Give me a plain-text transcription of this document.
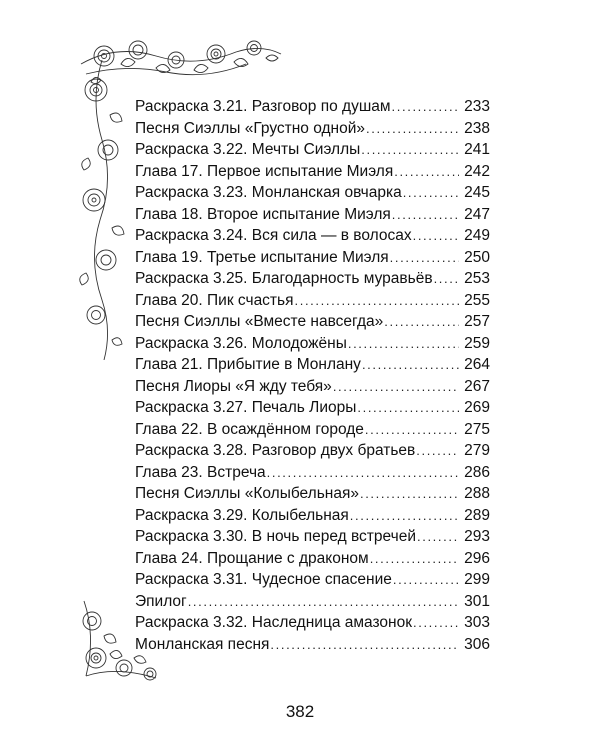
Раскраска 3.21. Разговор по душам . . .	233
Песня Сиэллы «Грустно одной» . . .	238
Раскраска 3.22. Мечты Сиэллы . . .	241
Глава 17. Первое испытание Миэля . . .	242
Раскраска 3.23. Монланская овчарка . . .	245
Глава 18. Второе испытание Миэля . . .	247
Раскраска 3.24. Вся сила — в волосах . . .	249
Глава 19. Третье испытание Миэля . . .	250
Раскраска 3.25. Благодарность муравьёв . . . 253
Глава 20. Пик счастья . . .	255
Песня Сиэллы «Вместе навсегда» . . .	257
Раскраска 3.26. Молодожёны . . .	259
Глава 21. Прибытие в Монлану . . .	264
Песня Лиоры «Я жду тебя» . . .	267
Раскраска 3.27. Печаль Лиоры . . .	269
Глава 22. В осаждённом городе . . .	275
Раскраска 3.28. Разговор двух братьев . . .	279
Глава 23. Встреча . . .	286
Песня Сиэллы «Колыбельная» . . .	288
Раскраска 3.29. Колыбельная . . .	289
Раскраска 3.30. В ночь перед встречей . . .	293
Глава 24. Прощание с драконом . . .	296
Раскраска 3.31. Чудесное спасение . . .	299
Эпилог . . .	301
Раскраска 3.32. Наследница амазонок . . .	303
Монланская песня . . .	306
382
